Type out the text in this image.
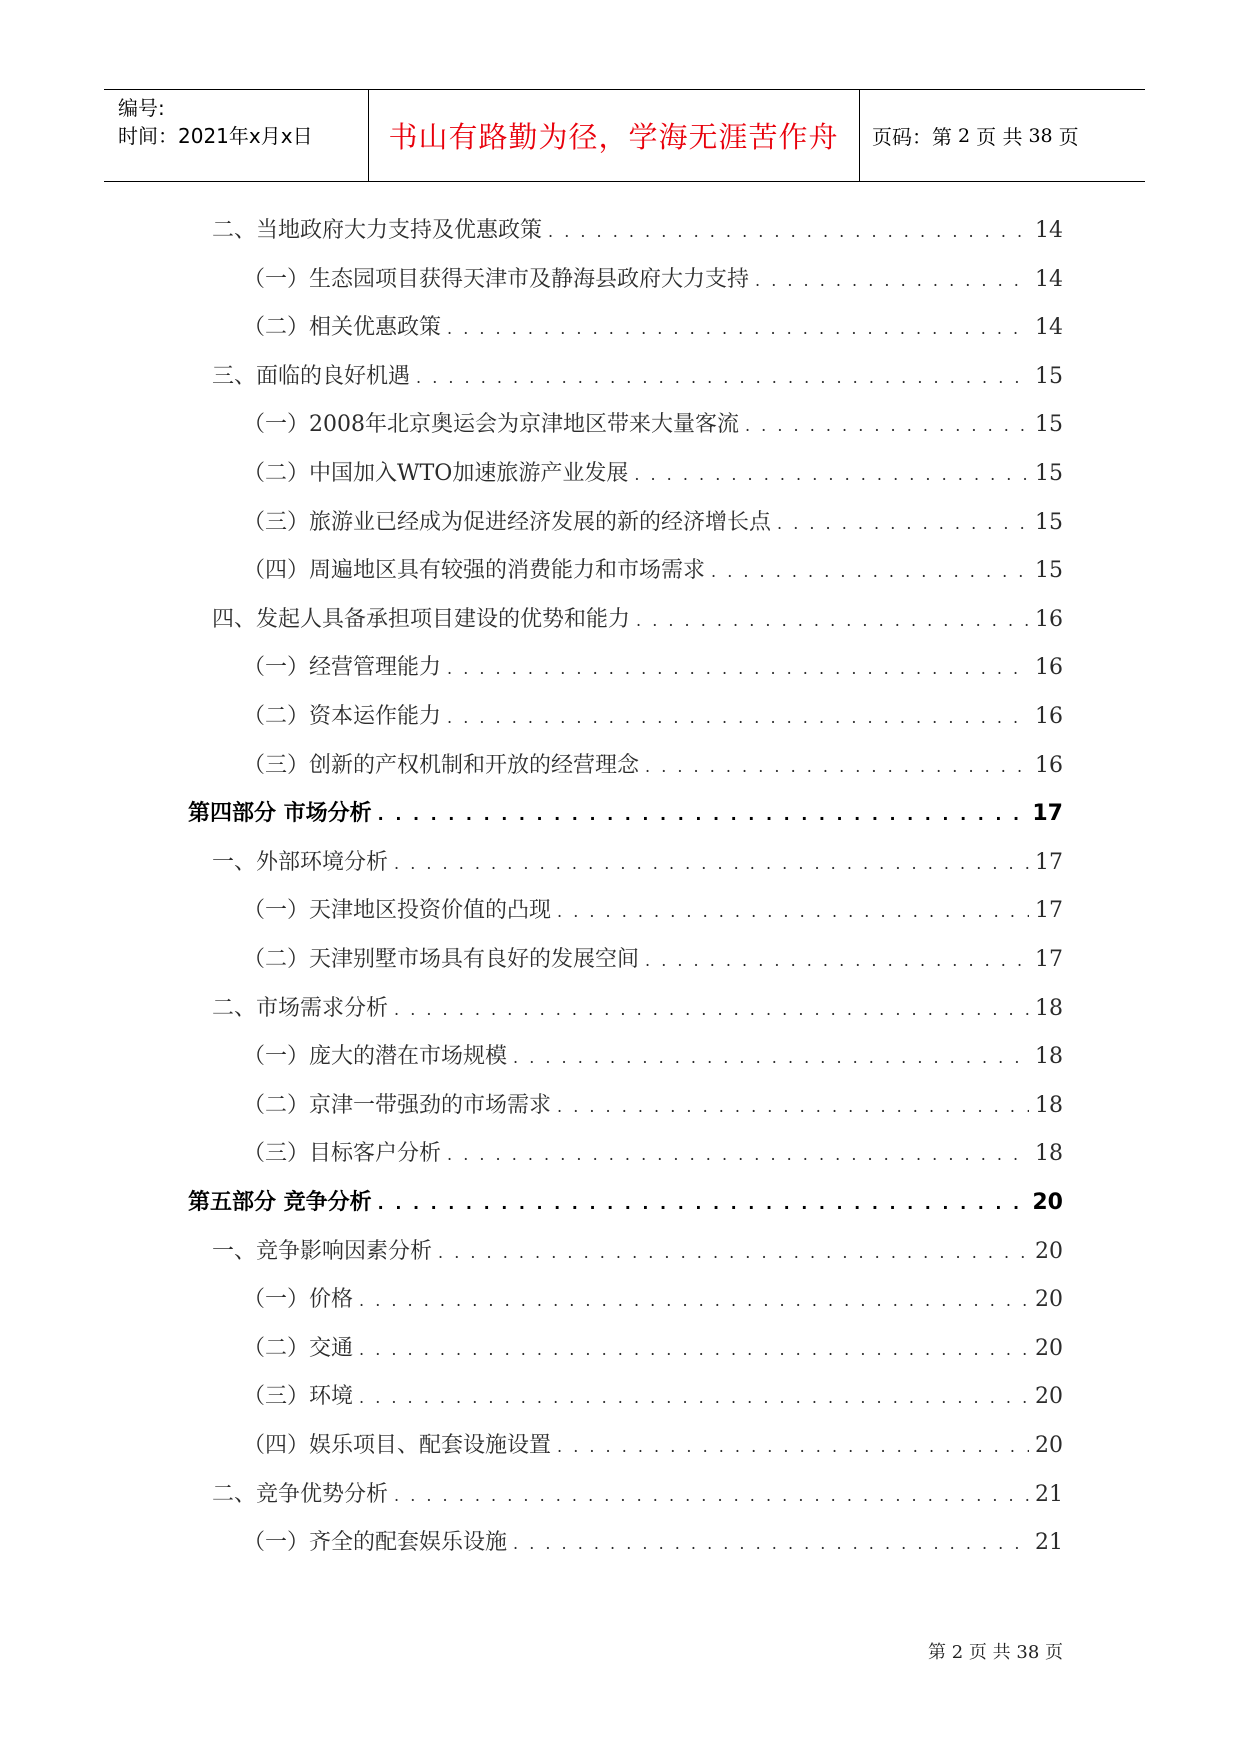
编号:
时间：2021年x月x日	书山有路勤为径，学海无涯苦作舟	页码：第 2 页 共 38 页
二、当地政府大力支持及优惠政策 . . .	14
（一）生态园项目获得天津市及静海县政府大力支持 . . .	14
（二）相关优惠政策 . . .	14
三、面临的良好机遇 . . .	15
（一）2008年北京奥运会为京津地区带来大量客流 . . .	15
（二）中国加入WTO加速旅游产业发展 . . .	15
（三）旅游业已经成为促进经济发展的新的经济增长点 . . .	15
（四）周遍地区具有较强的消费能力和市场需求 . . .	15
四、发起人具备承担项目建设的优势和能力 . . .	16
（一）经营管理能力 . . .	16
（二）资本运作能力 . . .	16
（三）创新的产权机制和开放的经营理念 . . .	16
第四部分 市场分析 . . .	17
一、外部环境分析 . . .	17
（一）天津地区投资价值的凸现 . . .	17
（二）天津别墅市场具有良好的发展空间 . . .	17
二、市场需求分析 . . .	18
（一）庞大的潜在市场规模 . . .	18
（二）京津一带强劲的市场需求 . . .	18
（三）目标客户分析 . . .	18
第五部分 竞争分析 . . .	20
一、竞争影响因素分析 . . .	20
（一）价格 . . .	20
（二）交通 . . .	20
（三）环境 . . .	20
（四）娱乐项目、配套设施设置 . . .	20
二、竞争优势分析 . . .	21
（一）齐全的配套娱乐设施 . . .	21
第 2 页 共 38 页
